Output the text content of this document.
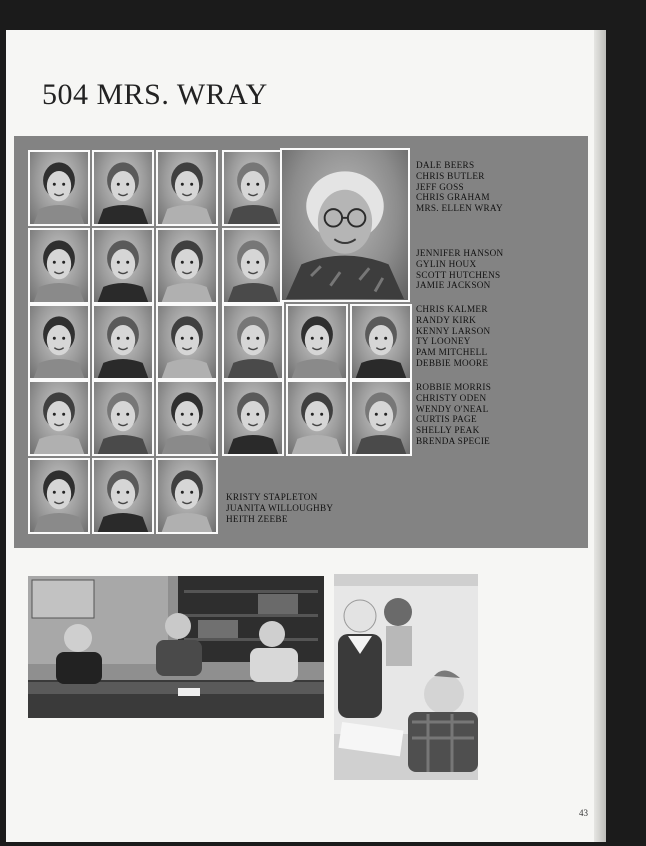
504 MRS. WRAY
DALE BEERS
CHRIS BUTLER
JEFF GOSS
CHRIS GRAHAM
MRS. ELLEN WRAY
JENNIFER HANSON
GYLIN HOUX
SCOTT HUTCHENS
JAMIE JACKSON
CHRIS KALMER
RANDY KIRK
KENNY LARSON
TY LOONEY
PAM MITCHELL
DEBBIE MOORE
ROBBIE MORRIS
CHRISTY ODEN
WENDY O'NEAL
CURTIS PAGE
SHELLY PEAK
BRENDA SPECIE
KRISTY STAPLETON
JUANITA WILLOUGHBY
HEITH ZEEBE
43
